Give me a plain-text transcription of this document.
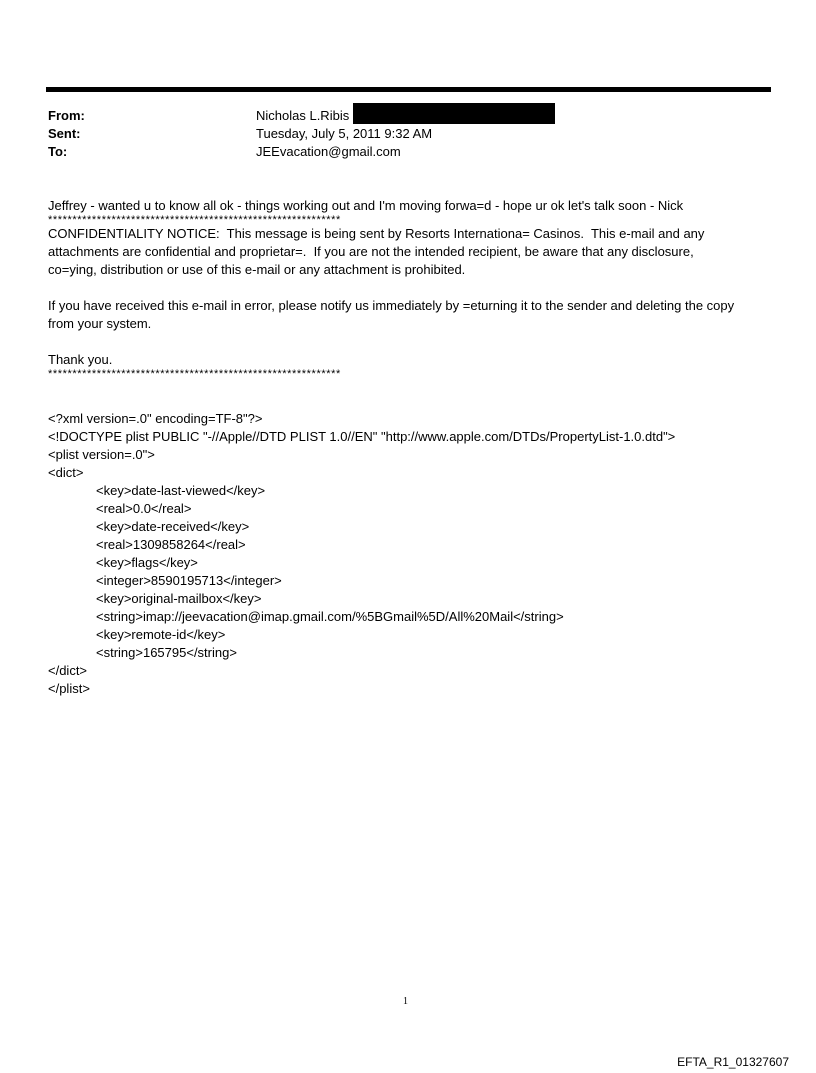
From:	Nicholas L.Ribis
Sent:	Tuesday, July 5, 2011 9:32 AM
To:	JEEvacation@gmail.com
Jeffrey - wanted u to know all ok - things working out and I'm moving forwa=d - hope ur ok let's talk soon - Nick
************************************************************
CONFIDENTIALITY NOTICE:  This message is being sent by Resorts Internationa= Casinos.  This e-mail and any
attachments are confidential and proprietar=.  If you are not the intended recipient, be aware that any disclosure,
co=ying, distribution or use of this e-mail or any attachment is prohibited.
If you have received this e-mail in error, please notify us immediately by =eturning it to the sender and deleting the copy
from your system.
Thank you.
************************************************************
<?xml version=.0" encoding=TF-8"?>
<!DOCTYPE plist PUBLIC "-//Apple//DTD PLIST 1.0//EN" "http://www.apple.com/DTDs/PropertyList-1.0.dtd">
<plist version=.0">
<dict>
<key>date-last-viewed</key>
<real>0.0</real>
<key>date-received</key>
<real>1309858264</real>
<key>flags</key>
<integer>8590195713</integer>
<key>original-mailbox</key>
<string>imap://jeevacation@imap.gmail.com/%5BGmail%5D/All%20Mail</string>
<key>remote-id</key>
<string>165795</string>
</dict>
</plist>
1
EFTA_R1_01327607
